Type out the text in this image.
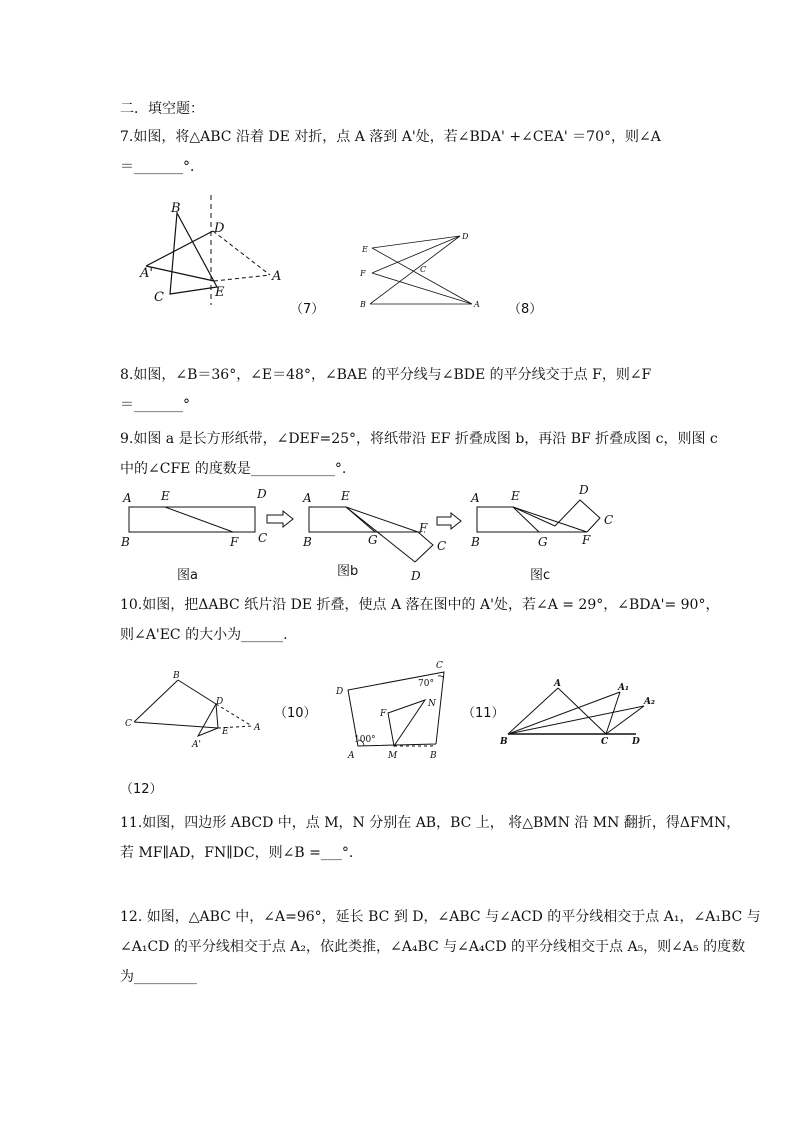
二．填空题：
7.如图，将△ABC 沿着 DE 对折，点 A 落到 A'处，若∠BDA' +∠CEA' ＝70°，则∠A
＝_______°．
B
D
A'	A
C	E
（7）
E
D
F	C
B	A （8）
8.如图，∠B＝36°，∠E＝48°，∠BAE 的平分线与∠BDE 的平分线交于点 F，则∠F
＝_______°
9.如图 a 是长方形纸带，∠DEF=25°，将纸带沿 EF 折叠成图 b，再沿 BF 折叠成图 c，则图 c
中的∠CFE 的度数是____________°.
A E	D
B	F C
A E
B	G
F
C
D
A	E	D
C
B	G	F
图a	图b	图c
10.如图，把ΔABC 纸片沿 DE 折叠，使点 A 落在图中的 A'处，若∠A = 29°，∠BDA'= 90°，
则∠A'EC 的大小为______.
B
D
C
E	A
A'
（10）
C
70°
D
F
N
100°
A	M	B
（11）
A	A₁
A₂
B	C	D
（12）
11.如图，四边形 ABCD 中，点 M，N 分别在 AB，BC 上， 将△BMN 沿 MN 翻折，得ΔFMN，
若 MF∥AD，FN∥DC，则∠B =___°.
12. 如图，△ABC 中，∠A=96°，延长 BC 到 D，∠ABC 与∠ACD 的平分线相交于点 A₁，∠A₁BC 与
∠A₁CD 的平分线相交于点 A₂，依此类推，∠A₄BC 与∠A₄CD 的平分线相交于点 A₅，则∠A₅ 的度数
为_________
